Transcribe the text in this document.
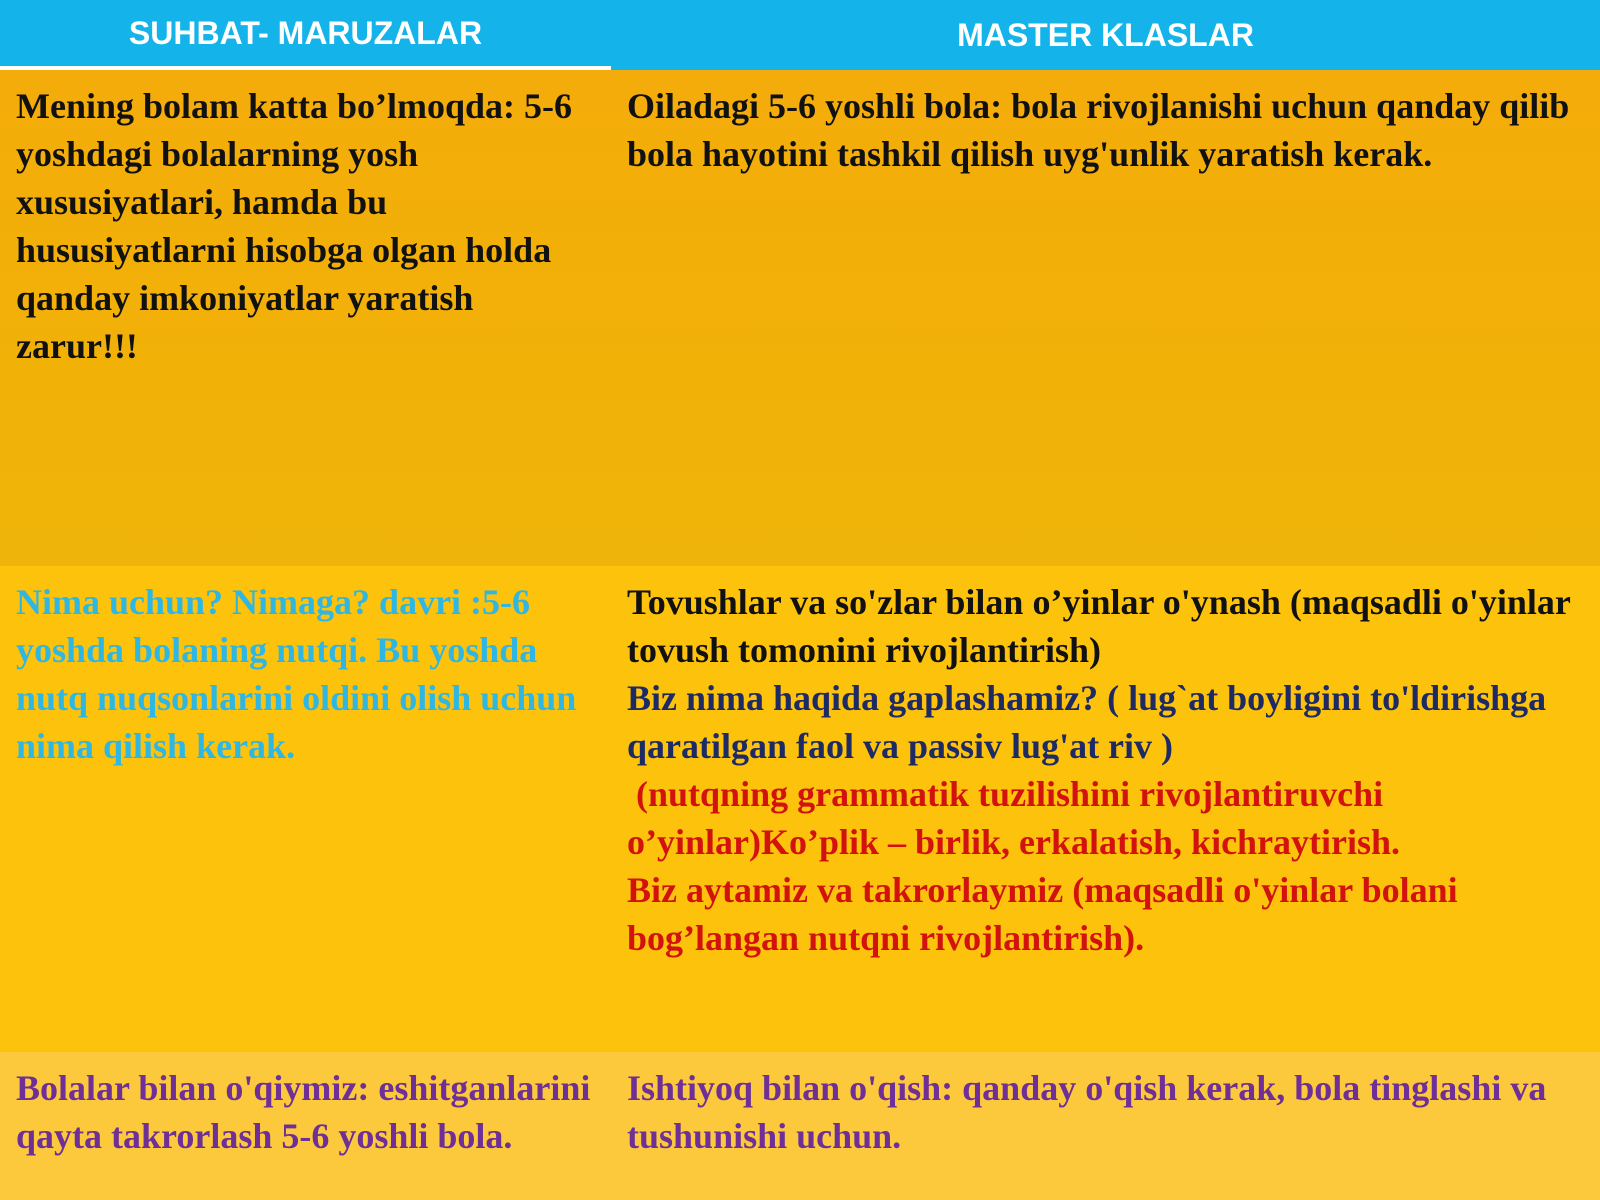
SUHBAT- MARUZALAR	MASTER KLASLAR
Mening bolam katta bo’lmoqda: 5-6 yoshdagi bolalarning yosh xususiyatlari, hamda bu hususiyatlarni hisobga olgan holda qanday imkoniyatlar yaratish zarur!!!
Oiladagi 5-6 yoshli bola: bola rivojlanishi uchun qanday qilib bola hayotini tashkil qilish uyg'unlik yaratish kerak.
Nima uchun? Nimaga? davri :5-6 yoshda bolaning nutqi. Bu yoshda nutq nuqsonlarini oldini olish uchun nima qilish kerak.
Tovushlar va so'zlar bilan o’yinlar o'ynash (maqsadli o'yinlar tovush tomonini rivojlantirish)
Biz nima haqida gaplashamiz? ( lug`at boyligini to'ldirishga qaratilgan faol va passiv lug'at riv )
(nutqning grammatik tuzilishini rivojlantiruvchi o’yinlar)Ko’plik – birlik, erkalatish, kichraytirish.
Biz aytamiz va takrorlaymiz (maqsadli o'yinlar bolani bog’langan nutqni rivojlantirish).
Bolalar bilan o'qiymiz: eshitganlarini qayta takrorlash 5-6 yoshli bola.
Ishtiyoq bilan o'qish: qanday o'qish kerak, bola tinglashi va tushunishi uchun.
